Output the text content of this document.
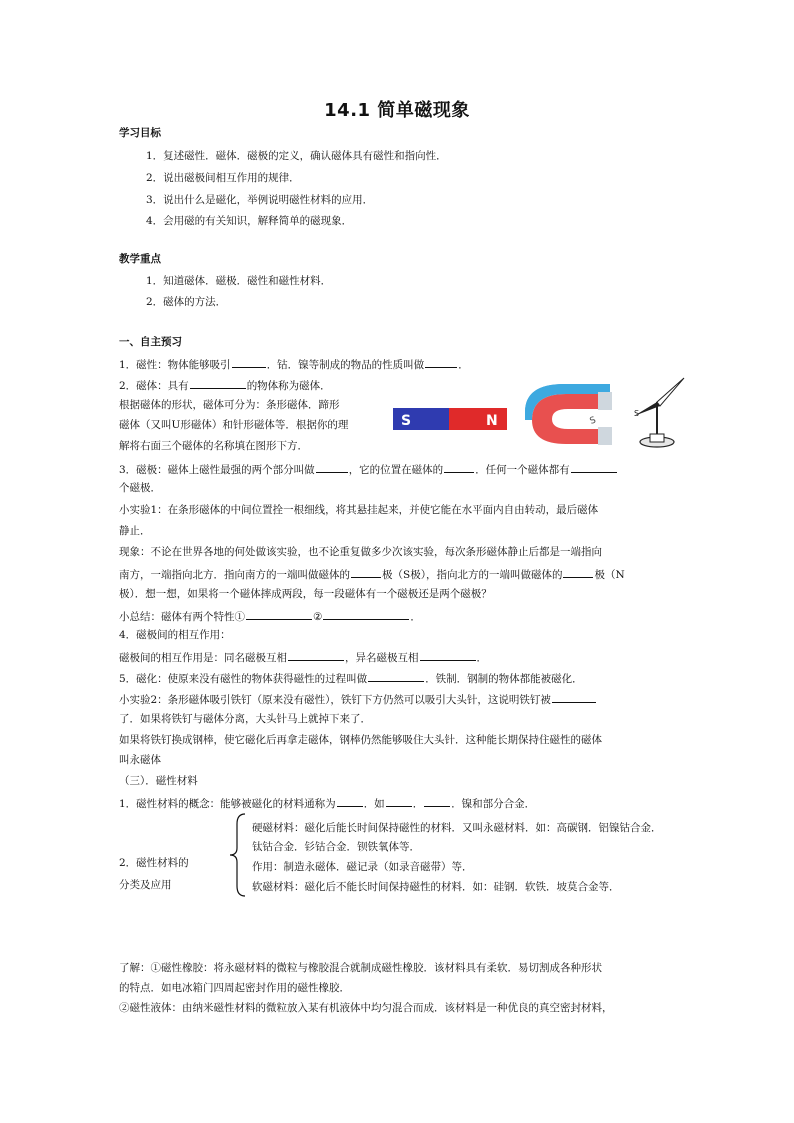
14.1 简单磁现象
学习目标
1．复述磁性．磁体．磁极的定义，确认磁体具有磁性和指向性．
2．说出磁极间相互作用的规律．
3．说出什么是磁化，举例说明磁性材料的应用．
4．会用磁的有关知识，解释简单的磁现象．
教学重点
1．知道磁体．磁极．磁性和磁性材料．
2．磁体的方法．
一、自主预习
1．磁性：物体能够吸引	．钴．镍等制成的物品的性质叫做	．
2．磁体：具有	的物体称为磁体．
根据磁体的形状，磁体可分为：条形磁体．蹄形
磁体（又叫U形磁体）和针形磁体等．根据你的理
解将右面三个磁体的名称填在图形下方．
S	N	S
S
3．磁极：磁体上磁性最强的两个部分叫做	，它的位置在磁体的	．任何一个磁体都有
个磁极．
小实验1：在条形磁体的中间位置拴一根细线，将其悬挂起来，并使它能在水平面内自由转动，最后磁体
静止．
现象：不论在世界各地的何处做该实验，也不论重复做多少次该实验，每次条形磁体静止后都是一端指向
南方，一端指向北方．指向南方的一端叫做磁体的	极（S极），指向北方的一端叫做磁体的	极（N
极）．想一想，如果将一个磁体摔成两段，每一段磁体有一个磁极还是两个磁极？
小总结：磁体有两个特性①	②	．
4．磁极间的相互作用：
磁极间的相互作用是：同名磁极互相	，异名磁极互相	．
5．磁化：使原来没有磁性的物体获得磁性的过程叫做	．铁制．钢制的物体都能被磁化．
小实验2：条形磁体吸引铁钉（原来没有磁性），铁钉下方仍然可以吸引大头针，这说明铁钉被
了．如果将铁钉与磁体分离，大头针马上就掉下来了．
如果将铁钉换成钢棒，使它磁化后再拿走磁体，钢棒仍然能够吸住大头针．这种能长期保持住磁性的磁体
叫永磁体
（三）．磁性材料
1．磁性材料的概念：能够被磁化的材料通称为	．如	．	．镍和部分合金．
2．磁性材料的
分类及应用
硬磁材料：磁化后能长时间保持磁性的材料．又叫永磁材料．如：高碳钢．铝镍钴合金．
钛钴合金．钐钴合金．钡铁氧体等．
作用：制造永磁体．磁记录（如录音磁带）等．
软磁材料：磁化后不能长时间保持磁性的材料．如：硅钢．软铁．坡莫合金等．
了解：①磁性橡胶：将永磁材料的微粒与橡胶混合就制成磁性橡胶．该材料具有柔软．易切割成各种形状
的特点．如电冰箱门四周起密封作用的磁性橡胶．
②磁性液体：由纳米磁性材料的微粒放入某有机液体中均匀混合而成．该材料是一种优良的真空密封材料，
